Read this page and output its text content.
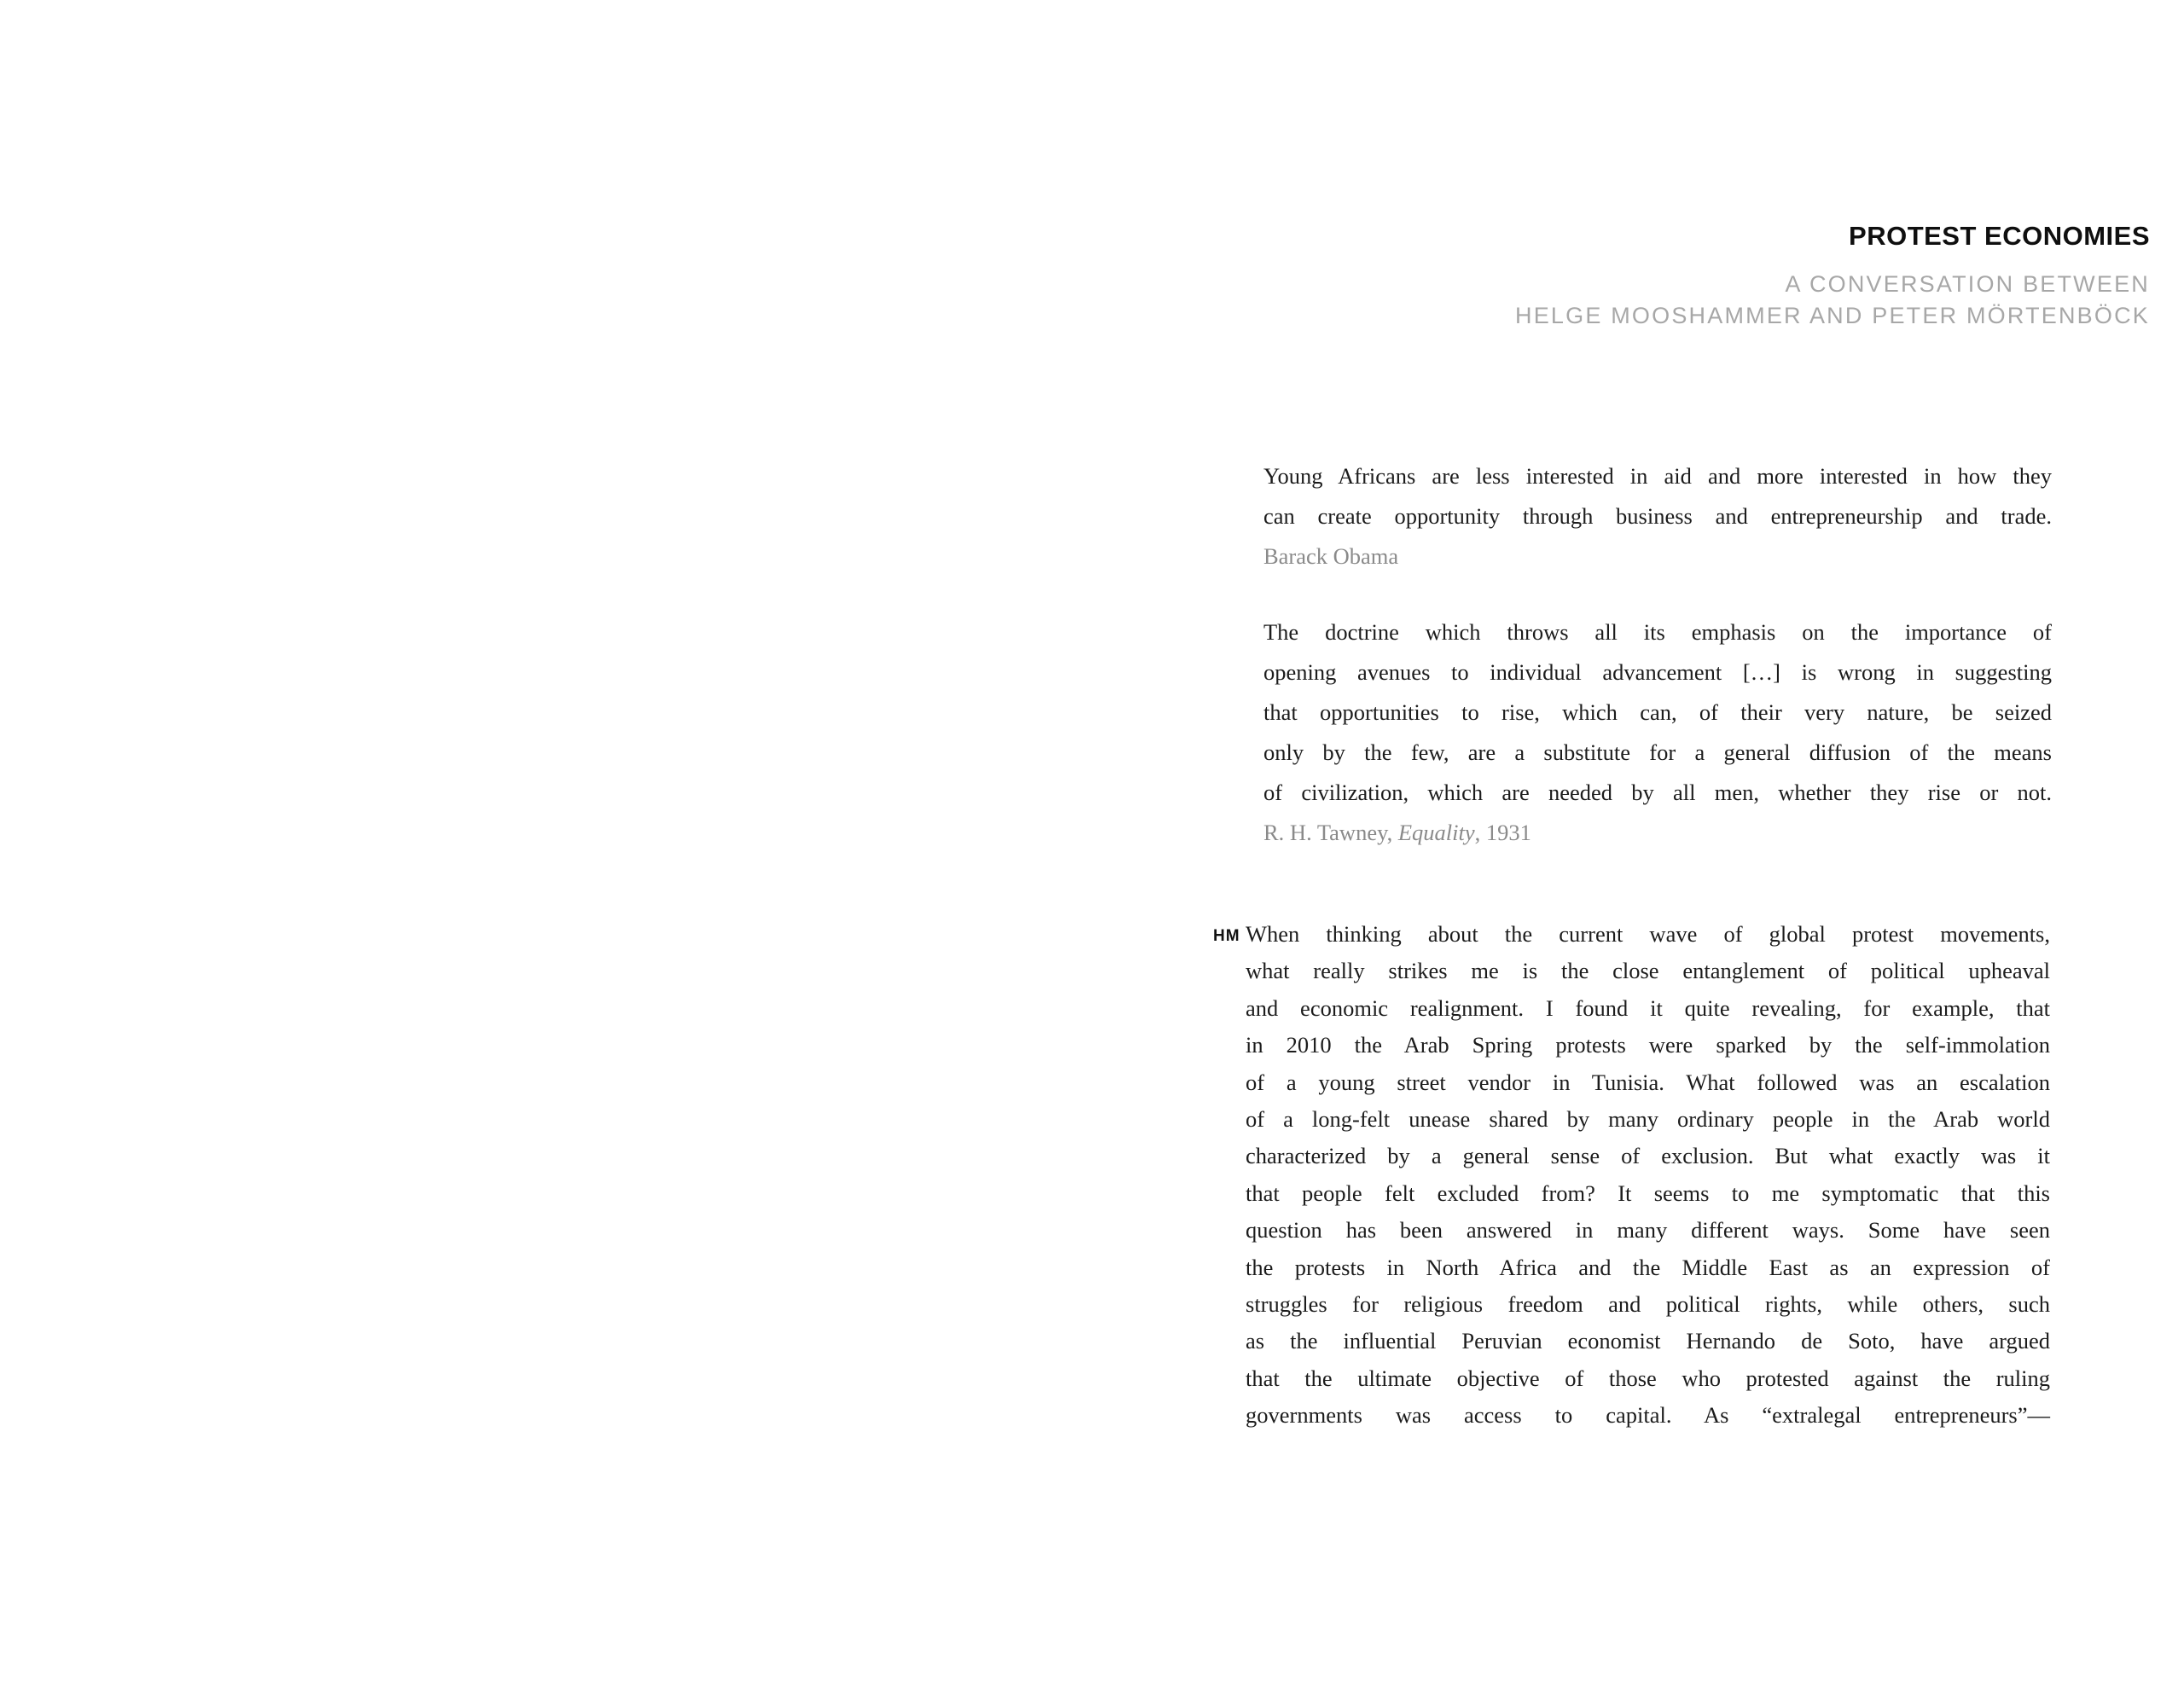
PROTEST ECONOMIES
A CONVERSATION BETWEEN
HELGE MOOSHAMMER AND PETER MÖRTENBÖCK
Young Africans are less interested in aid and more interested in how they
can create opportunity through business and entrepreneurship and trade.
Barack Obama
The doctrine which throws all its emphasis on the importance of
opening avenues to individual advancement […] is wrong in suggesting
that opportunities to rise, which can, of their very nature, be seized
only by the few, are a substitute for a general diffusion of the means
of civilization, which are needed by all men, whether they rise or not.
R. H. Tawney, Equality, 1931
HM When thinking about the current wave of global protest movements,
what really strikes me is the close entanglement of political upheaval
and economic realignment. I found it quite revealing, for example, that
in 2010 the Arab Spring protests were sparked by the self-immolation
of a young street vendor in Tunisia. What followed was an escalation
of a long-felt unease shared by many ordinary people in the Arab world
characterized by a general sense of exclusion. But what exactly was it
that people felt excluded from? It seems to me symptomatic that this
question has been answered in many different ways. Some have seen
the protests in North Africa and the Middle East as an expression of
struggles for religious freedom and political rights, while others, such
as the influential Peruvian economist Hernando de Soto, have argued
that the ultimate objective of those who protested against the ruling
governments was access to capital. As “extralegal entrepreneurs”—
